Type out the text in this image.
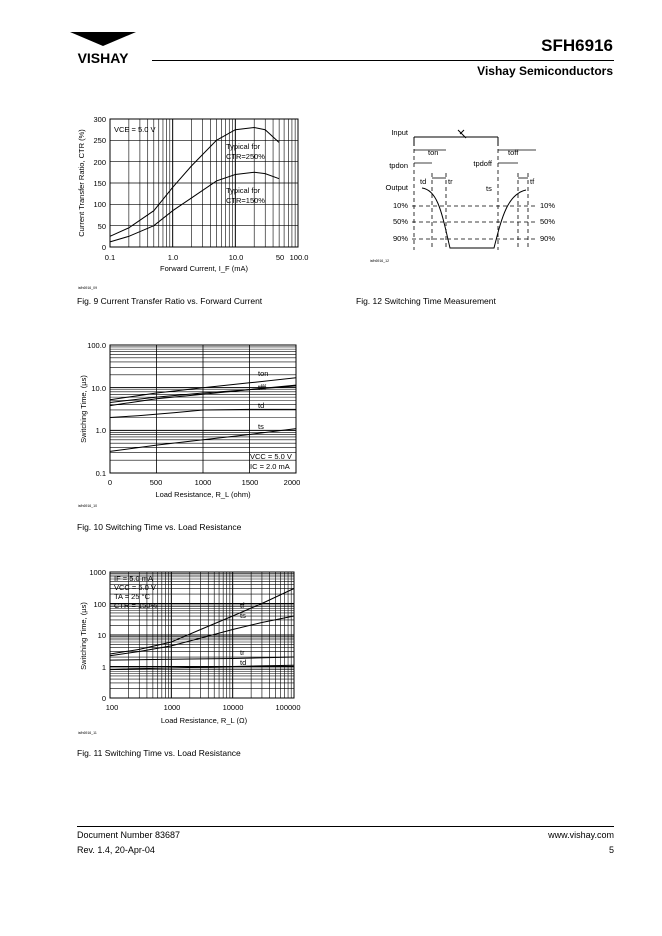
VISHAY
SFH6916
Vishay Semiconductors
300
250
200
150
100
50
0
0.1	1.0	10.0	50 100.0
Forward Current, I_F (mA)
Current Transfer Ratio, CTR (%)	VCE = 5.0 V
Typical for
CTR=250%
Typical for
CTR=150%
isfh6916_09
Fig. 9 Current Transfer Ratio vs. Forward Current
Input
tpdon
Output
10%
50%
90%
tpdoff
ton	toff
td	tr
ts
tf
10%
50%
90%
isfh6916_12
Fig. 12 Switching Time Measurement
100.0
10.0
1.0
0.1
0	500	1000	1500	2000
Load Resistance, R_L (ohm)
Switching Time, (µs)
VCC = 5.0 V
IC = 2.0 mA
ton
tfff
td
ts
isfh6916_10
Fig. 10 Switching Time vs. Load Resistance
1000
100
10
1
0
100	1000	10000	100000
Load Resistance, R_L (Ω)
Switching Time, (µs)
IF = 5.0 mA
VCC = 5.0 V
TA = 25 °C
CTR = 150%	tf
ts
tr
td
isfh6916_11
Fig. 11 Switching Time vs. Load Resistance
Document Number 83687
Rev. 1.4, 20-Apr-04
www.vishay.com
5
